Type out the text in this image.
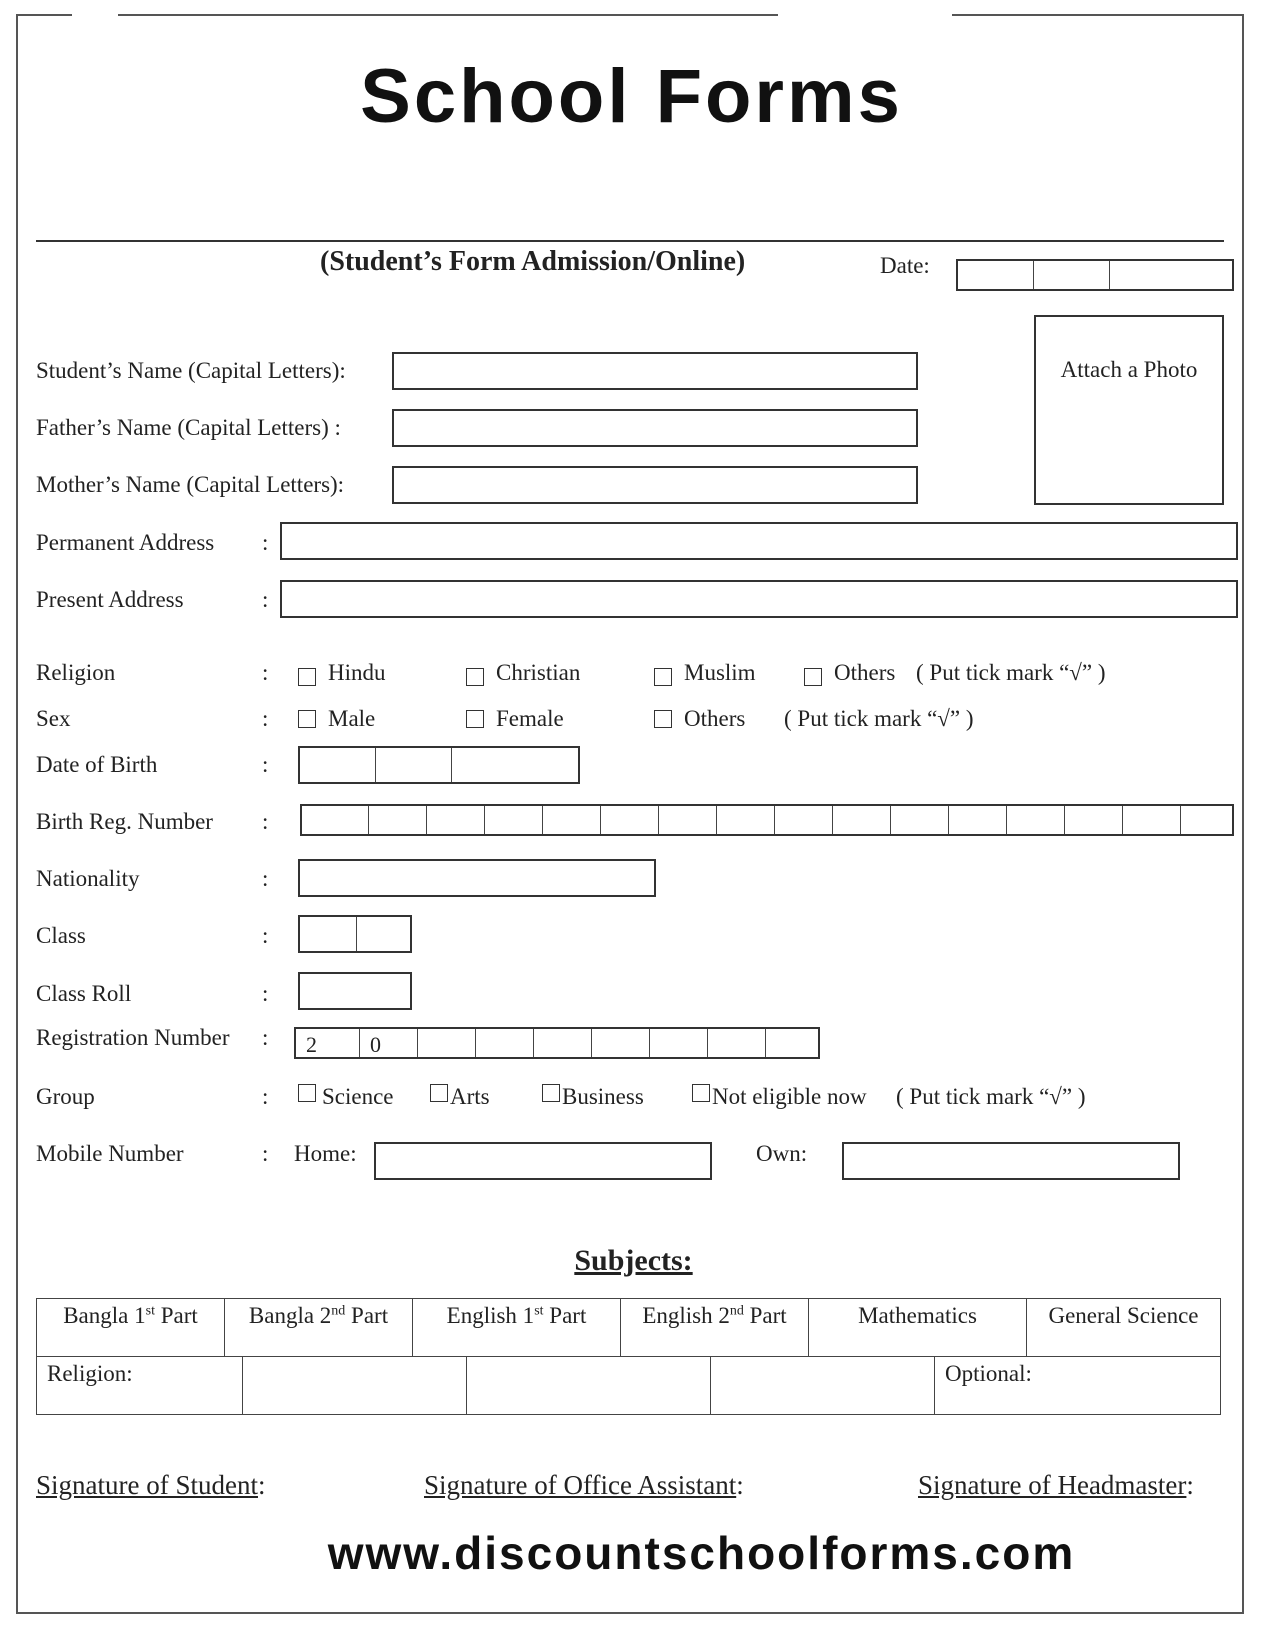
School Forms
(Student’s Form Admission/Online)	Date:
Attach a Photo
Student’s Name (Capital Letters):
Father’s Name (Capital Letters) :
Mother’s Name (Capital Letters):
Permanent Address :
Present Address	:
Religion	:	Hindu	Christian	Muslim	Others ( Put tick mark “√” )
Sex	:	Male	Female	Others ( Put tick mark “√” )
Date of Birth	:
Birth Reg. Number :
Nationality	:
Class	:
Class Roll	:
Registration Number :	2	0
Group	: Science Arts	Business	Not eligible now ( Put tick mark “√” )
Mobile Number	: Home:	Own:
Subjects:
Bangla 1st Part	Bangla 2nd Part	English 1st Part	English 2nd Part	Mathematics	General Science
Religion:				Optional:
Signature of Student:	Signature of Office Assistant:	Signature of Headmaster:
www.discountschoolforms.com
